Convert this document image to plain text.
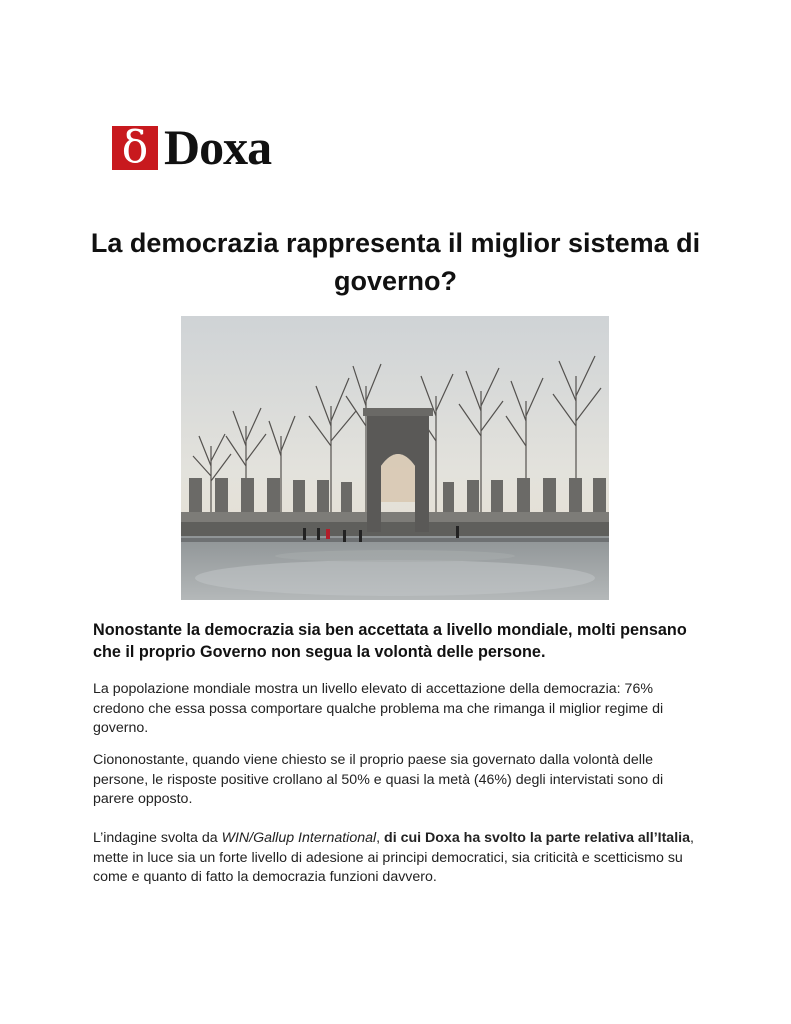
δ Doxa
La democrazia rappresenta il miglior sistema di governo?

Nonostante la democrazia sia ben accettata a livello mondiale, molti pensano che il proprio Governo non segua la volontà delle persone.

La popolazione mondiale mostra un livello elevato di accettazione della democrazia: 76% credono che essa possa comportare qualche problema ma che rimanga il miglior regime di governo.

Ciononostante, quando viene chiesto se il proprio paese sia governato dalla volontà delle persone, le risposte positive crollano al 50% e quasi la metà (46%) degli intervistati sono di parere opposto.

L’indagine svolta da WIN/Gallup International, di cui Doxa ha svolto la parte relativa all’Italia, mette in luce sia un forte livello di adesione ai principi democratici, sia criticità e scetticismo su come e quanto di fatto la democrazia funzioni davvero.
